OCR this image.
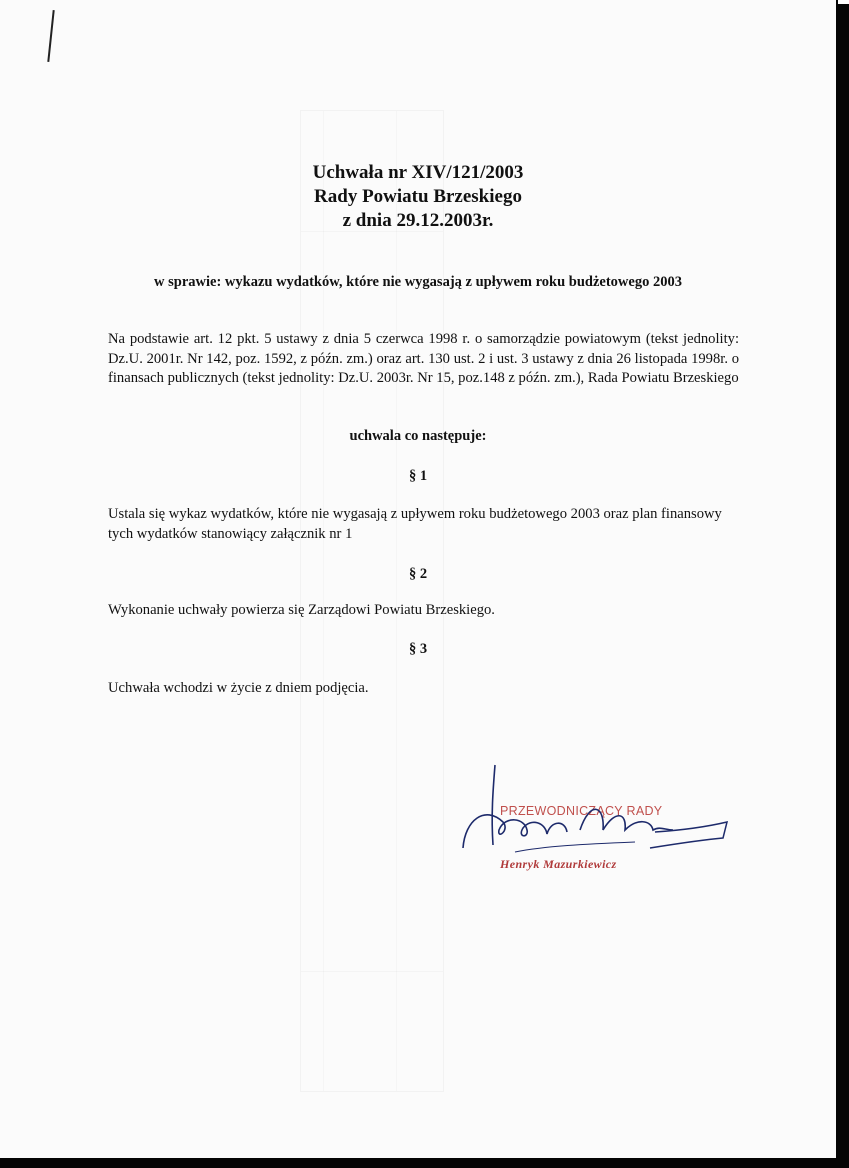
Uchwała nr XIV/121/2003
Rady Powiatu Brzeskiego
z dnia 29.12.2003r.
w sprawie: wykazu wydatków, które nie wygasają z upływem roku budżetowego 2003
Na podstawie art. 12 pkt. 5 ustawy z dnia 5 czerwca 1998 r. o samorządzie powiatowym (tekst jednolity: Dz.U. 2001r. Nr 142, poz. 1592, z późn. zm.) oraz art. 130 ust. 2 i ust. 3 ustawy z dnia 26 listopada 1998r. o finansach publicznych (tekst jednolity: Dz.U. 2003r. Nr 15, poz.148 z późn. zm.), Rada Powiatu Brzeskiego
uchwala co następuje:
§ 1
Ustala się wykaz wydatków, które nie wygasają z upływem roku budżetowego 2003 oraz plan finansowy tych wydatków stanowiący załącznik nr 1
§ 2
Wykonanie uchwały powierza się Zarządowi Powiatu Brzeskiego.
§ 3
Uchwała wchodzi w życie z dniem podjęcia.
PRZEWODNICZĄCY RADY
Henryk Mazurkiewicz
